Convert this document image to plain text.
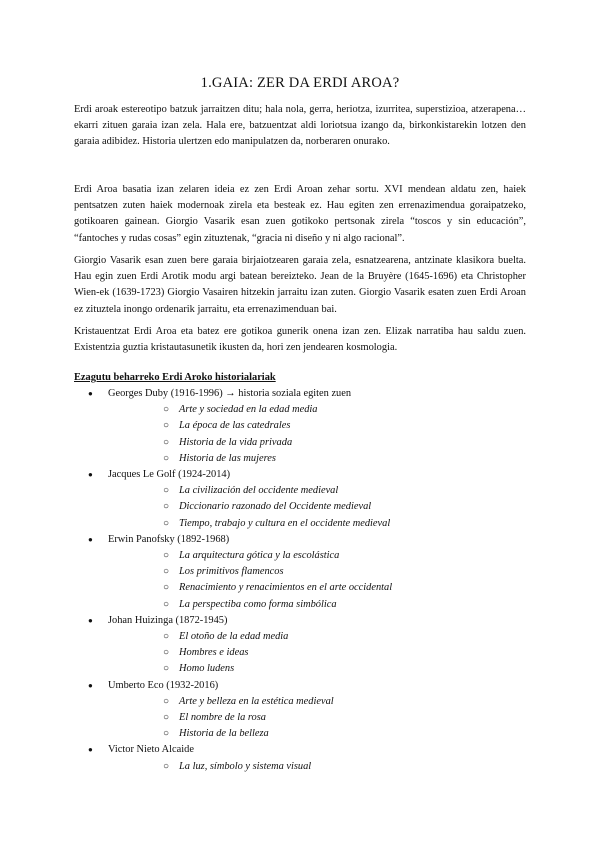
1.GAIA: ZER DA ERDI AROA?

Erdi aroak estereotipo batzuk jarraitzen ditu; hala nola, gerra, heriotza, izurritea, superstizioa, atzerapena… ekarri zituen garaia izan zela. Hala ere, batzuentzat aldi loriotsua izango da, birkonkistarekin lotzen den garaia adibidez. Historia ulertzen edo manipulatzen da, norberaren onurako.

Erdi Aroa basatia izan zelaren ideia ez zen Erdi Aroan zehar sortu. XVI mendean aldatu zen, haiek pentsatzen zuten haiek modernoak zirela eta besteak ez. Hau egiten zen errenazimendua goraipatzeko, gotikoaren gainean. Giorgio Vasarik esan zuen gotikoko pertsonak zirela “toscos y sin educación”, “fantoches y rudas cosas” egin zituztenak, “gracia ni diseño y ni algo racional”.

Giorgio Vasarik esan zuen bere garaia birjaiotzearen garaia zela, esnatzearena, antzinate klasikora buelta. Hau egin zuen Erdi Arotik modu argi batean bereizteko. Jean de la Bruyère (1645-1696) eta Christopher Wien-ek (1639-1723) Giorgio Vasairen hitzekin jarraitu izan zuten. Giorgio Vasarik esaten zuen Erdi Aroan ez zituztela inongo ordenarik jarraitu, eta errenazimenduan bai.

Kristauentzat Erdi Aroa eta batez ere gotikoa gunerik onena izan zen. Elizak narratiba hau saldu zuen. Existentzia guztia kristautasunetik ikusten da, hori zen jendearen kosmologia.

Ezagutu beharreko Erdi Aroko historialariak
● Georges Duby (1916-1996) → historia soziala egiten zuen
○ Arte y sociedad en la edad media
○ La época de las catedrales
○ Historia de la vida privada
○ Historia de las mujeres
● Jacques Le Golf (1924-2014)
○ La civilización del occidente medieval
○ Diccionario razonado del Occidente medieval
○ Tiempo, trabajo y cultura en el occidente medieval
● Erwin Panofsky (1892-1968)
○ La arquitectura gótica y la escolástica
○ Los primitivos flamencos
○ Renacimiento y renacimientos en el arte occidental
○ La perspectiba como forma simbólica
● Johan Huizinga (1872-1945)
○ El otoño de la edad media
○ Hombres e ideas
○ Homo ludens
● Umberto Eco (1932-2016)
○ Arte y belleza en la estética medieval
○ El nombre de la rosa
○ Historia de la belleza
● Victor Nieto Alcaide
○ La luz, símbolo y sistema visual
